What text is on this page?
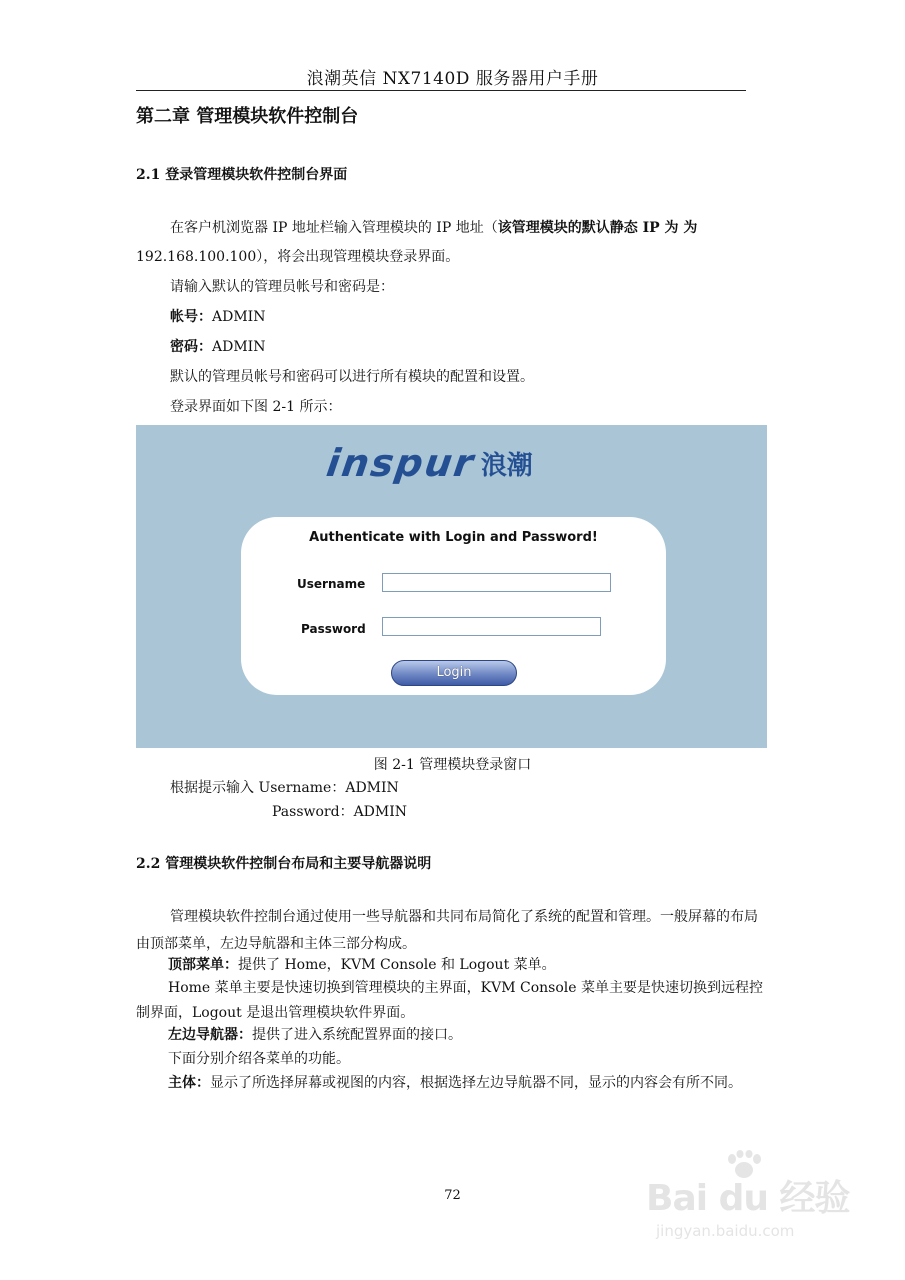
浪潮英信 NX7140D 服务器用户手册
第二章 管理模块软件控制台
2.1 登录管理模块软件控制台界面
在客户机浏览器 IP 地址栏输入管理模块的 IP 地址（该管理模块的默认静态 IP 为 为
192.168.100.100），将会出现管理模块登录界面。
请输入默认的管理员帐号和密码是：
帐号：ADMIN
密码：ADMIN
默认的管理员帐号和密码可以进行所有模块的配置和设置。
登录界面如下图 2-1 所示：
inspur 浪潮
Authenticate with Login and Password!
Username
Password
Login
图 2-1 管理模块登录窗口
根据提示输入 Username：ADMIN
Password：ADMIN
2.2 管理模块软件控制台布局和主要导航器说明
管理模块软件控制台通过使用一些导航器和共同布局简化了系统的配置和管理。一般屏幕的布局由顶部菜单，左边导航器和主体三部分构成。
顶部菜单：提供了 Home，KVM Console 和 Logout 菜单。
Home 菜单主要是快速切换到管理模块的主界面，KVM Console 菜单主要是快速切换到远程控制界面，Logout 是退出管理模块软件界面。
左边导航器：提供了进入系统配置界面的接口。
下面分别介绍各菜单的功能。
主体：显示了所选择屏幕或视图的内容，根据选择左边导航器不同，显示的内容会有所不同。
72	Bai du 经验
jingyan.baidu.com
